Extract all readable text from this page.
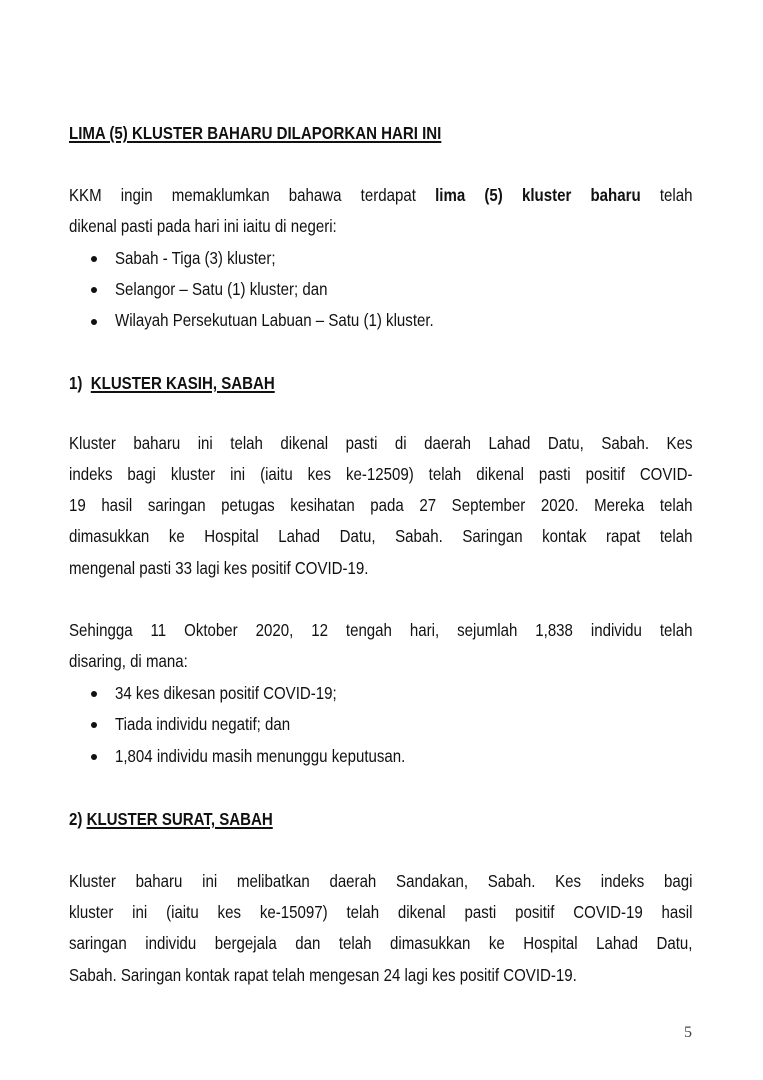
LIMA (5) KLUSTER BAHARU DILAPORKAN HARI INI
KKM ingin memaklumkan bahawa terdapat lima (5) kluster baharu telah
dikenal pasti pada hari ini iaitu di negeri:
Sabah - Tiga (3) kluster;
Selangor – Satu (1) kluster; dan
Wilayah Persekutuan Labuan – Satu (1) kluster.
1) KLUSTER KASIH, SABAH
Kluster baharu ini telah dikenal pasti di daerah Lahad Datu, Sabah. Kes
indeks bagi kluster ini (iaitu kes ke-12509) telah dikenal pasti positif COVID-
19 hasil saringan petugas kesihatan pada 27 September 2020. Mereka telah
dimasukkan ke Hospital Lahad Datu, Sabah. Saringan kontak rapat telah
mengenal pasti 33 lagi kes positif COVID-19.
Sehingga 11 Oktober 2020, 12 tengah hari, sejumlah 1,838 individu telah
disaring, di mana:
34 kes dikesan positif COVID-19;
Tiada individu negatif; dan
1,804 individu masih menunggu keputusan.
2) KLUSTER SURAT, SABAH
Kluster baharu ini melibatkan daerah Sandakan, Sabah. Kes indeks bagi
kluster ini (iaitu kes ke-15097) telah dikenal pasti positif COVID-19 hasil
saringan individu bergejala dan telah dimasukkan ke Hospital Lahad Datu,
Sabah. Saringan kontak rapat telah mengesan 24 lagi kes positif COVID-19.
5
